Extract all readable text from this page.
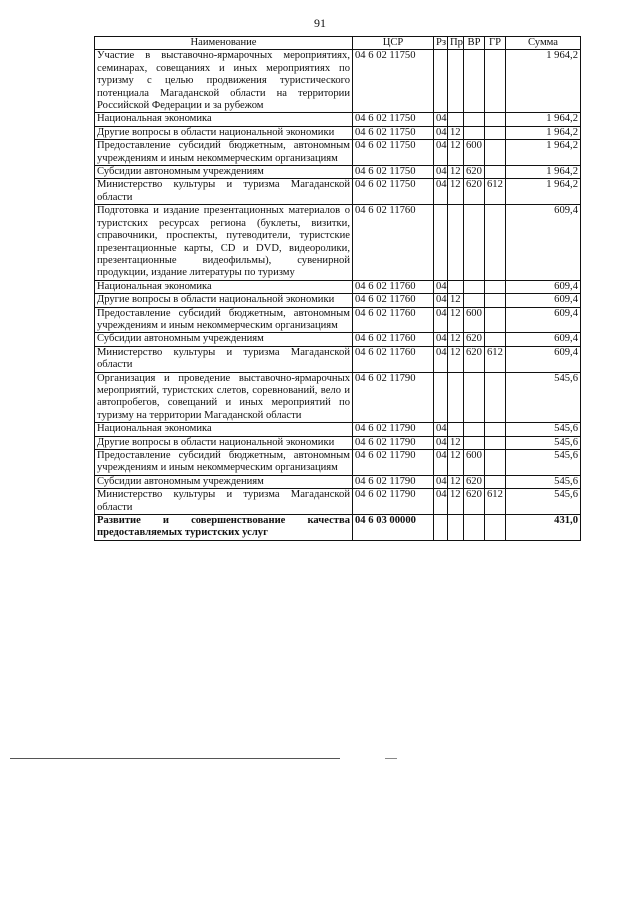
91
Наименование	ЦСР	Рз	Пр	ВР	ГР	Сумма
Участие в выставочно-ярмарочных мероприятиях, семинарах, совещаниях и иных мероприятиях по туризму с целью продвижения туристического потенциала Магаданской области на территории Российской Федерации и за рубежом	04 6 02 11750					1 964,2
Национальная экономика	04 6 02 11750	04				1 964,2
Другие вопросы в области национальной экономики	04 6 02 11750	04	12			1 964,2
Предоставление субсидий бюджетным, автономным учреждениям и иным некоммерческим организациям	04 6 02 11750	04	12	600		1 964,2
Субсидии автономным учреждениям	04 6 02 11750	04	12	620		1 964,2
Министерство культуры и туризма Магаданской области	04 6 02 11750	04	12	620	612	1 964,2
Подготовка и издание презентационных материалов о туристских ресурсах региона (буклеты, визитки, справочники, проспекты, путеводители, туристские презентационные карты, CD и DVD, видеоролики, презентационные видеофильмы), сувенирной продукции, издание литературы по туризму	04 6 02 11760					609,4
Национальная экономика	04 6 02 11760	04				609,4
Другие вопросы в области национальной экономики	04 6 02 11760	04	12			609,4
Предоставление субсидий бюджетным, автономным учреждениям и иным некоммерческим организациям	04 6 02 11760	04	12	600		609,4
Субсидии автономным учреждениям	04 6 02 11760	04	12	620		609,4
Министерство культуры и туризма Магаданской области	04 6 02 11760	04	12	620	612	609,4
Организация и проведение выставочно-ярмарочных мероприятий, туристских слетов, соревнований, вело и автопробегов, совещаний и иных мероприятий по туризму на территории Магаданской области	04 6 02 11790					545,6
Национальная экономика	04 6 02 11790	04				545,6
Другие вопросы в области национальной экономики	04 6 02 11790	04	12			545,6
Предоставление субсидий бюджетным, автономным учреждениям и иным некоммерческим организациям	04 6 02 11790	04	12	600		545,6
Субсидии автономным учреждениям	04 6 02 11790	04	12	620		545,6
Министерство культуры и туризма Магаданской области	04 6 02 11790	04	12	620	612	545,6
Развитие и совершенствование качества предоставляемых туристских услуг	04 6 03 00000					431,0
